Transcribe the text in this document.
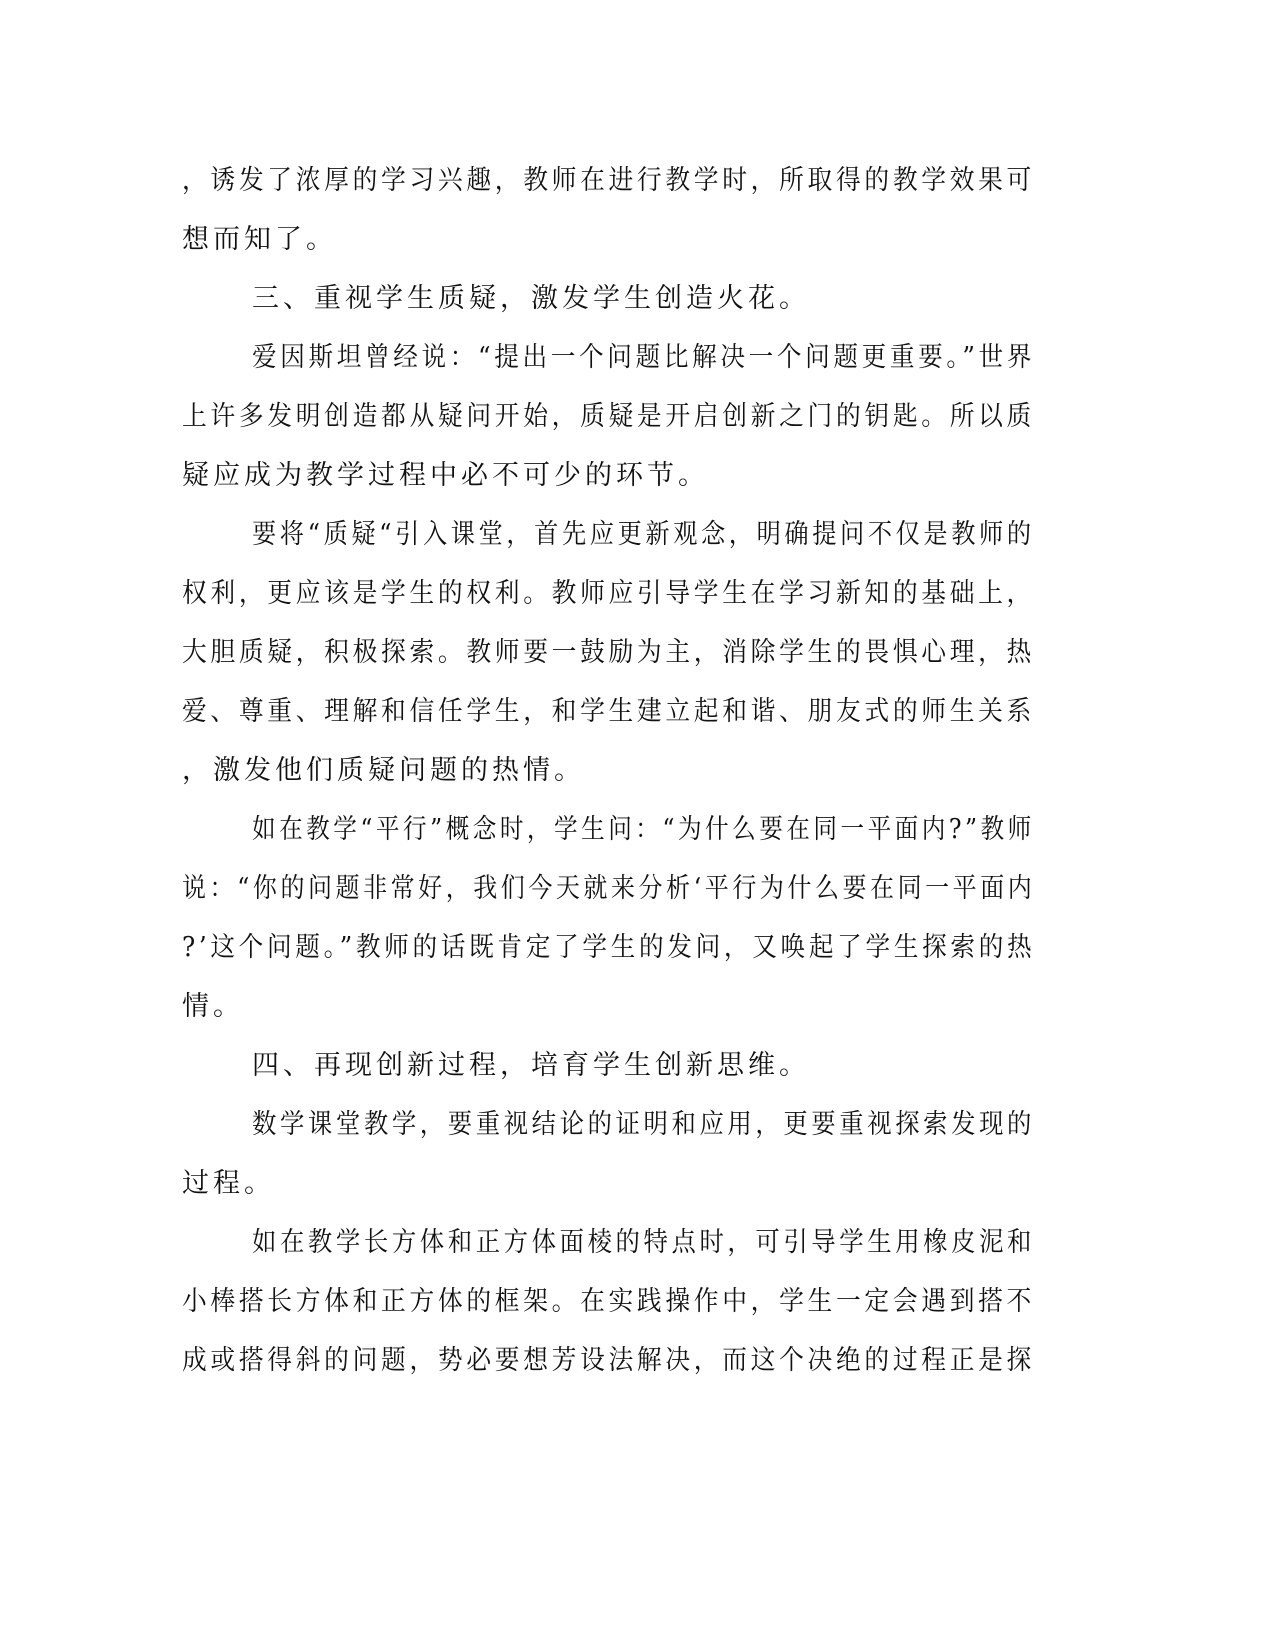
，诱发了浓厚的学习兴趣，教师在进行教学时，所取得的教学效果可
想而知了。
三、重视学生质疑，激发学生创造火花。
爱因斯坦曾经说：“提出一个问题比解决一个问题更重要。”世界
上许多发明创造都从疑问开始，质疑是开启创新之门的钥匙。所以质
疑应成为教学过程中必不可少的环节。
要将“质疑“引入课堂，首先应更新观念，明确提问不仅是教师的
权利，更应该是学生的权利。教师应引导学生在学习新知的基础上，
大胆质疑，积极探索。教师要一鼓励为主，消除学生的畏惧心理，热
爱、尊重、理解和信任学生，和学生建立起和谐、朋友式的师生关系
，激发他们质疑问题的热情。
如在教学“平行”概念时，学生问：“为什么要在同一平面内?”教师
说：“你的问题非常好，我们今天就来分析‘平行为什么要在同一平面内
?’这个问题。”教师的话既肯定了学生的发问，又唤起了学生探索的热
情。
四、再现创新过程，培育学生创新思维。
数学课堂教学，要重视结论的证明和应用，更要重视探索发现的
过程。
如在教学长方体和正方体面棱的特点时，可引导学生用橡皮泥和
小棒搭长方体和正方体的框架。在实践操作中，学生一定会遇到搭不
成或搭得斜的问题，势必要想芳设法解决，而这个决绝的过程正是探
